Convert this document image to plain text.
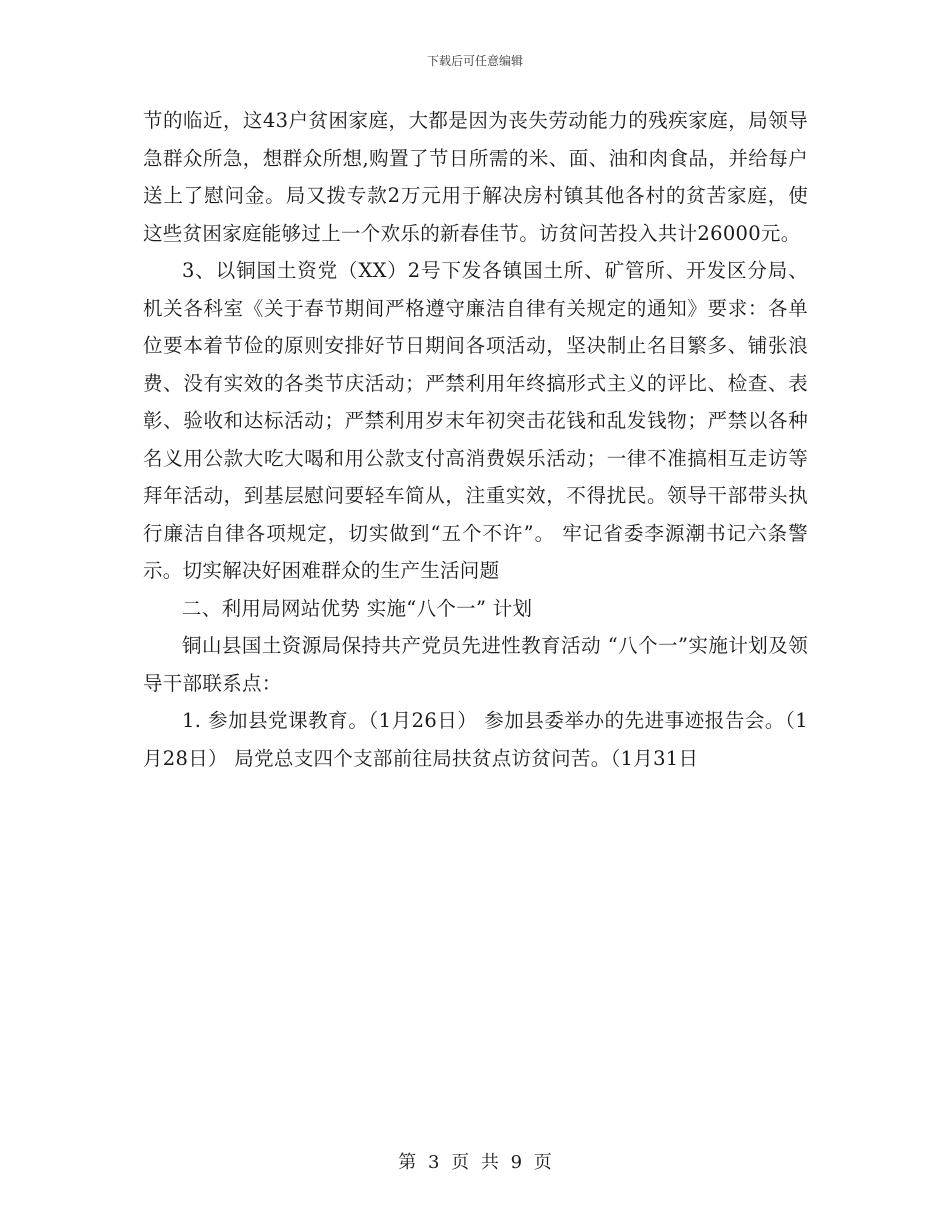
下载后可任意编辑

节的临近，这43户贫困家庭，大都是因为丧失劳动能力的残疾家庭，局领导急群众所急，想群众所想,购置了节日所需的米、面、油和肉食品，并给每户送上了慰问金。局又拨专款2万元用于解决房村镇其他各村的贫苦家庭，使这些贫困家庭能够过上一个欢乐的新春佳节。访贫问苦投入共计26000元。

3、以铜国土资党（XX）2号下发各镇国土所、矿管所、开发区分局、机关各科室《关于春节期间严格遵守廉洁自律有关规定的通知》要求：各单位要本着节俭的原则安排好节日期间各项活动，坚决制止名目繁多、铺张浪费、没有实效的各类节庆活动；严禁利用年终搞形式主义的评比、检查、表彰、验收和达标活动；严禁利用岁末年初突击花钱和乱发钱物；严禁以各种名义用公款大吃大喝和用公款支付高消费娱乐活动；一律不准搞相互走访等拜年活动，到基层慰问要轻车简从，注重实效，不得扰民。领导干部带头执行廉洁自律各项规定，切实做到“五个不许”。 牢记省委李源潮书记六条警示。切实解决好困难群众的生产生活问题

二、利用局网站优势 实施“八个一” 计划

铜山县国土资源局保持共产党员先进性教育活动 “八个一”实施计划及领导干部联系点：

1. 参加县党课教育。（1月26日） 参加县委举办的先进事迹报告会。（1月28日） 局党总支四个支部前往局扶贫点访贫问苦。（1月31日

第 3 页 共 9 页
